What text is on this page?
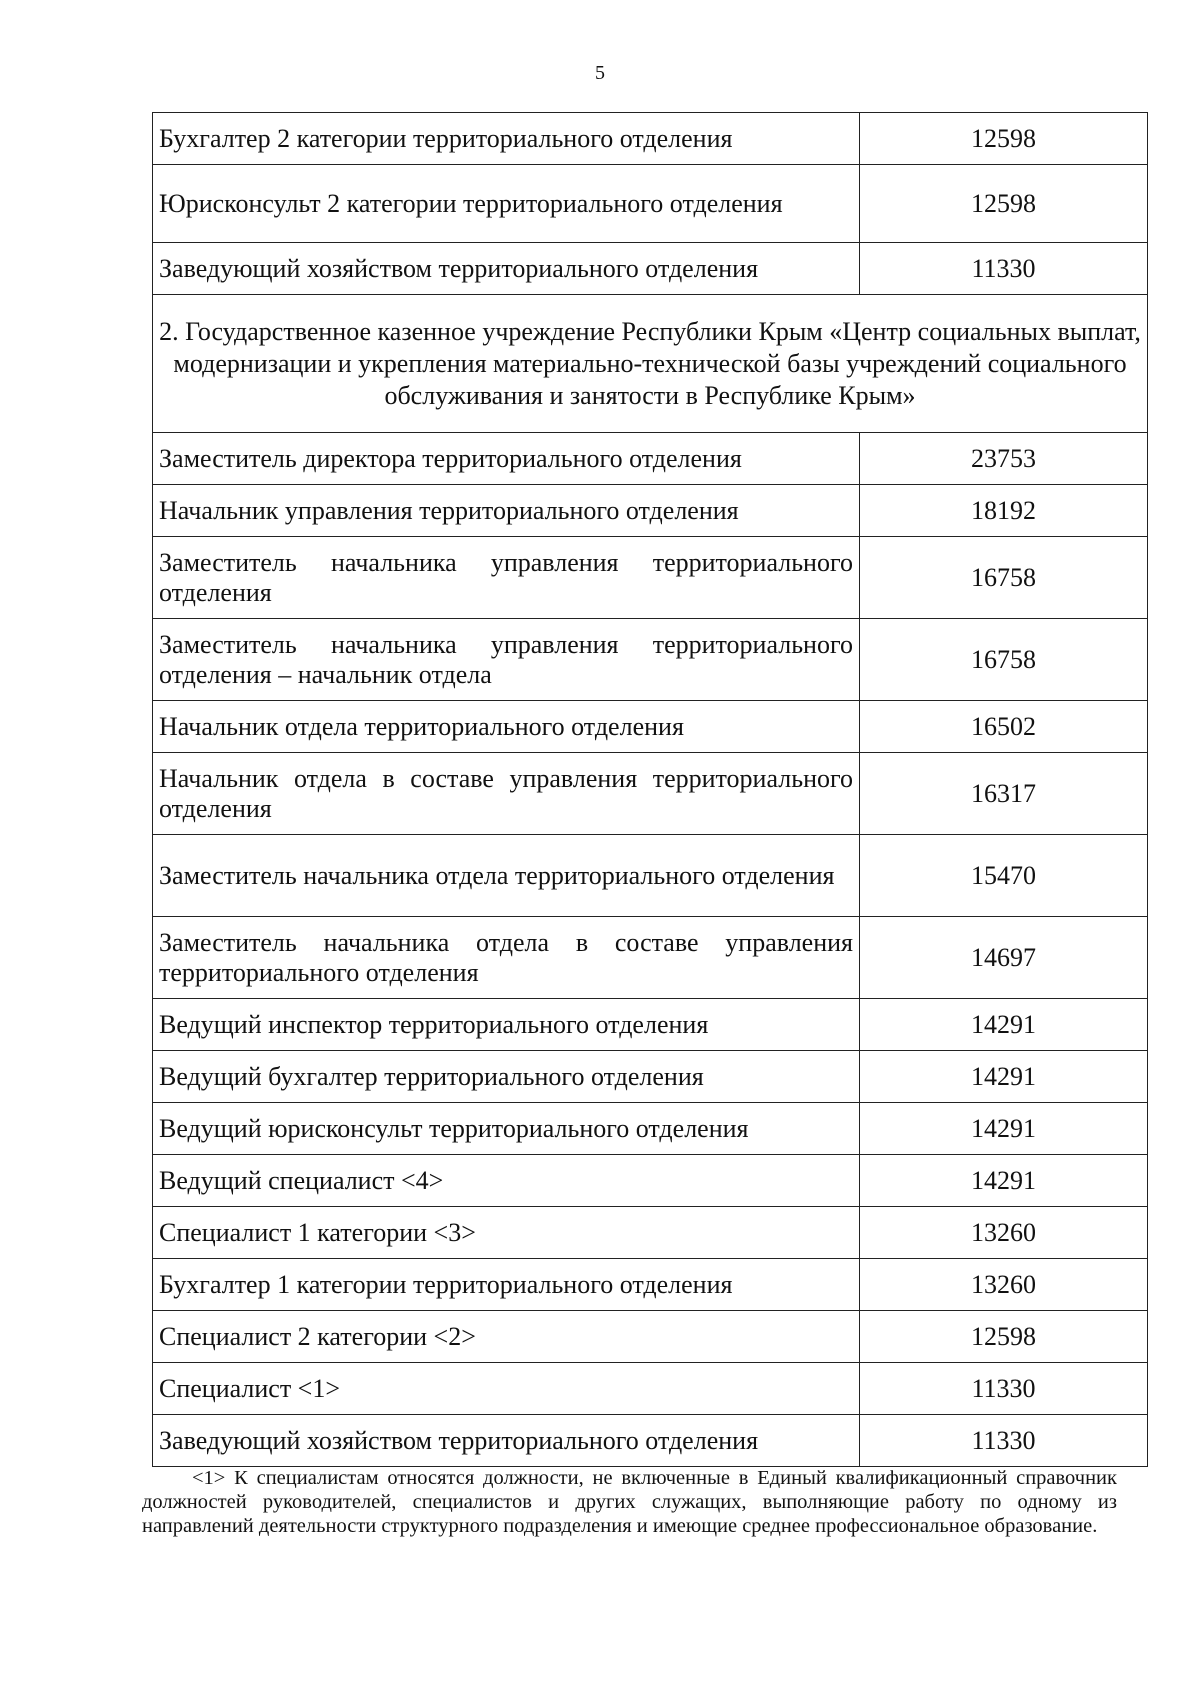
5
Бухгалтер 2 категории территориального отделения	12598
Юрисконсульт 2 категории территориального отделения	12598
Заведующий хозяйством территориального отделения	11330
2. Государственное казенное учреждение Республики Крым «Центр социальных выплат, модернизации и укрепления материально-технической базы учреждений социального обслуживания и занятости в Республике Крым»	
Заместитель директора территориального отделения	23753
Начальник управления территориального отделения	18192
Заместитель начальника управления территориального отделения	16758
Заместитель начальника управления территориального отделения – начальник отдела	16758
Начальник отдела территориального отделения	16502
Начальник отдела в составе управления территориального отделения	16317
Заместитель начальника отдела территориального отделения	15470
Заместитель начальника отдела в составе управления территориального отделения	14697
Ведущий инспектор территориального отделения	14291
Ведущий бухгалтер территориального отделения	14291
Ведущий юрисконсульт территориального отделения	14291
Ведущий специалист <4>	14291
Специалист 1 категории <3>	13260
Бухгалтер 1 категории территориального отделения	13260
Специалист 2 категории <2>	12598
Специалист <1>	11330
Заведующий хозяйством территориального отделения	11330
<1> К специалистам относятся должности, не включенные в Единый квалификационный справочник должностей руководителей, специалистов и других служащих, выполняющие работу по одному из направлений деятельности структурного подразделения и имеющие среднее профессиональное образование.
